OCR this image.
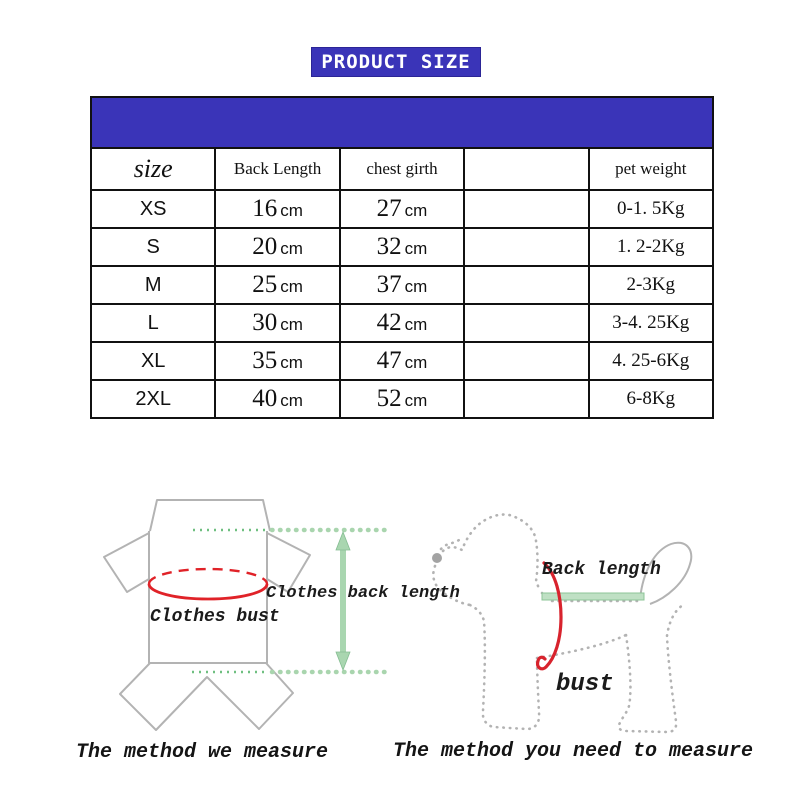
PRODUCT SIZE

size	Back Length	chest girth		pet weight
XS	16 cm	27 cm		0-1. 5Kg
S	20 cm	32 cm		1. 2-2Kg
M	25 cm	37 cm		2-3Kg
L	30 cm	42 cm		3-4. 25Kg
XL	35 cm	47 cm		4. 25-6Kg
2XL	40 cm	52 cm		6-8Kg
Clothes back length
Clothes bust
Back length
bust
The method we measure	The method you need to measure
